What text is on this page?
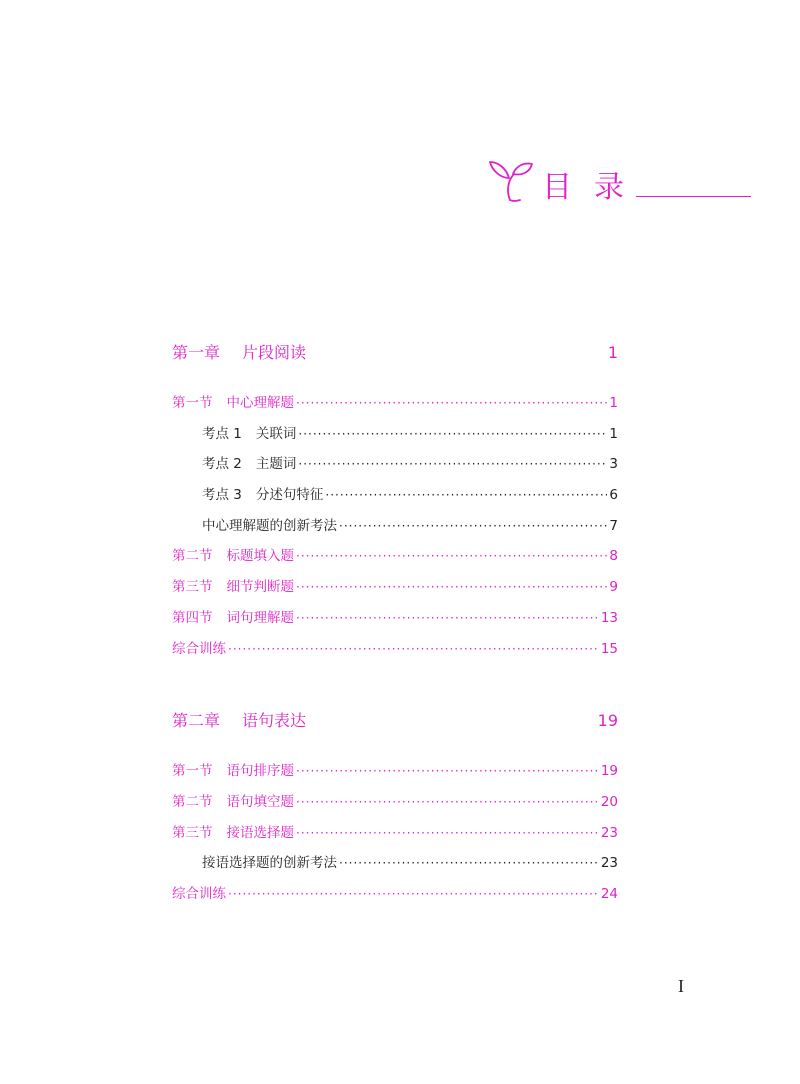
目录
第一章	片段阅读	1
第一节 中心理解题 ·····	1
考点 1 关联词 ·····	1
考点 2 主题词 ·····	3
考点 3 分述句特征 ·····	6
中心理解题的创新考法 ·····	7
第二节 标题填入题 ·····	8
第三节 细节判断题 ·····	9
第四节 词句理解题 ·····	13
综合训练 ·····	15
第二章	语句表达	19
第一节 语句排序题 ·····	19
第二节 语句填空题 ·····	20
第三节 接语选择题 ·····	23
接语选择题的创新考法 ·····	23
综合训练 ·····	24
I
